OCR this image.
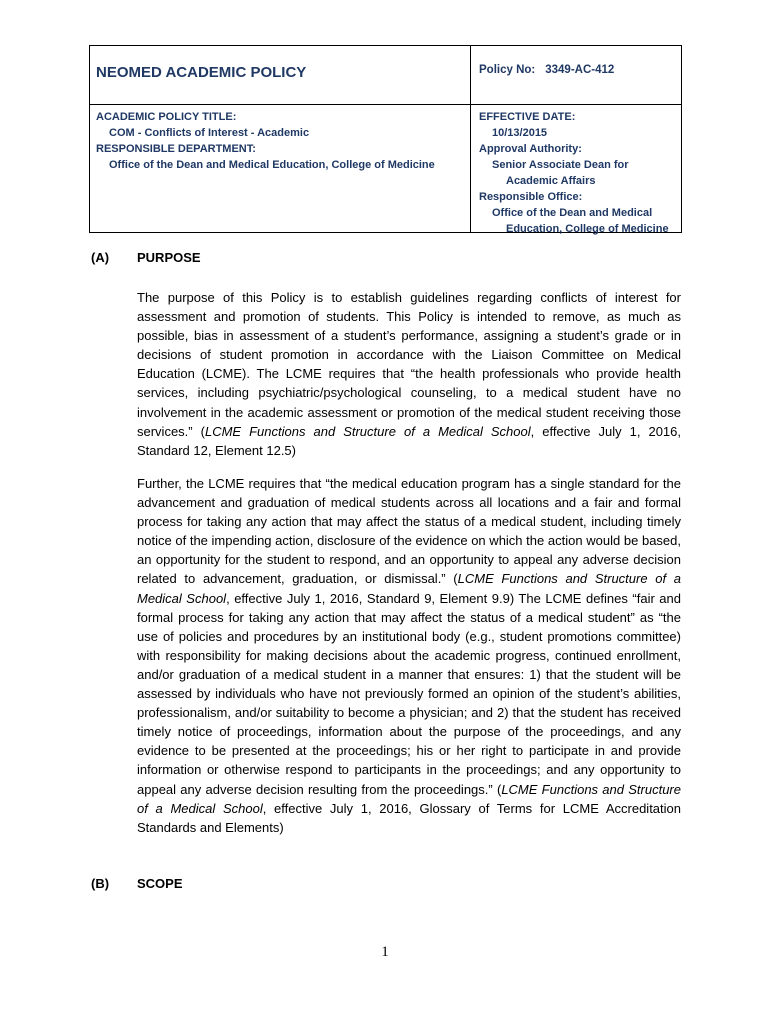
NEOMED ACADEMIC POLICY	Policy No: 3349-AC-412
ACADEMIC POLICY TITLE:
COM - Conflicts of Interest - Academic
RESPONSIBLE DEPARTMENT:
Office of the Dean and Medical Education, College of Medicine
EFFECTIVE DATE:
10/13/2015
Approval Authority:
Senior Associate Dean for
Academic Affairs
Responsible Office:
Office of the Dean and Medical
Education, College of Medicine
(A) PURPOSE
The purpose of this Policy is to establish guidelines regarding conflicts of interest for assessment and promotion of students. This Policy is intended to remove, as much as possible, bias in assessment of a student’s performance, assigning a student’s grade or in decisions of student promotion in accordance with the Liaison Committee on Medical Education (LCME). The LCME requires that “the health professionals who provide health services, including psychiatric/psychological counseling, to a medical student have no involvement in the academic assessment or promotion of the medical student receiving those services.” (LCME Functions and Structure of a Medical School, effective July 1, 2016, Standard 12, Element 12.5)
Further, the LCME requires that “the medical education program has a single standard for the advancement and graduation of medical students across all locations and a fair and formal process for taking any action that may affect the status of a medical student, including timely notice of the impending action, disclosure of the evidence on which the action would be based, an opportunity for the student to respond, and an opportunity to appeal any adverse decision related to advancement, graduation, or dismissal.” (LCME Functions and Structure of a Medical School, effective July 1, 2016, Standard 9, Element 9.9) The LCME defines “fair and formal process for taking any action that may affect the status of a medical student” as “the use of policies and procedures by an institutional body (e.g., student promotions committee) with responsibility for making decisions about the academic progress, continued enrollment, and/or graduation of a medical student in a manner that ensures: 1) that the student will be assessed by individuals who have not previously formed an opinion of the student’s abilities, professionalism, and/or suitability to become a physician; and 2) that the student has received timely notice of proceedings, information about the purpose of the proceedings, and any evidence to be presented at the proceedings; his or her right to participate in and provide information or otherwise respond to participants in the proceedings; and any opportunity to appeal any adverse decision resulting from the proceedings.” (LCME Functions and Structure of a Medical School, effective July 1, 2016, Glossary of Terms for LCME Accreditation Standards and Elements)
(B) SCOPE
1
